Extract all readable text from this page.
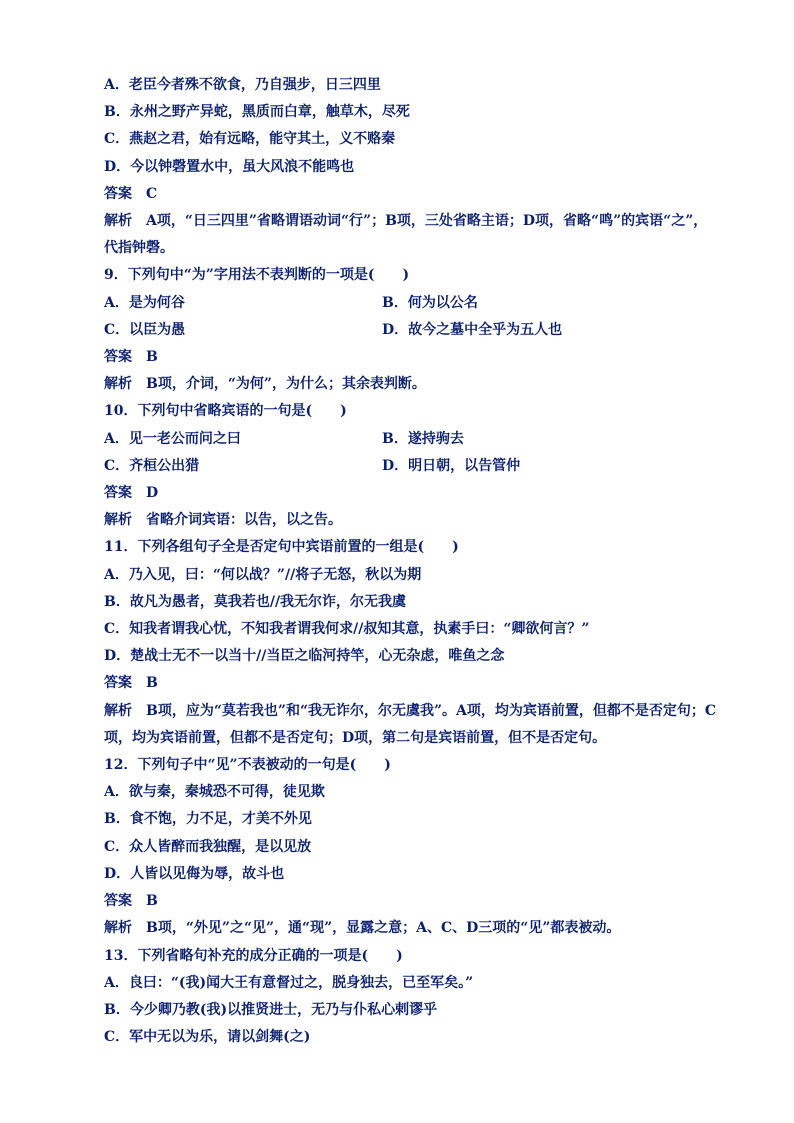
A．老臣今者殊不欲食，乃自强步，日三四里
B．永州之野产异蛇，黑质而白章，触草木，尽死
C．燕赵之君，始有远略，能守其土，义不赂秦
D．今以钟磬置水中，虽大风浪不能鸣也
答案　C
解析　A项，“日三四里”省略谓语动词“行”；B项，三处省略主语；D项，省略“鸣”的宾语“之”，
代指钟磬。
9．下列句中“为”字用法不表判断的一项是(　　)
A．是为何谷	B．何为以公名
C．以臣为愚	D．故今之墓中全乎为五人也
答案　B
解析　B项，介词，“为何”，为什么；其余表判断。
10．下列句中省略宾语的一句是(　　)
A．见一老公而问之曰	B．遂持驹去
C．齐桓公出猎	D．明日朝，以告管仲
答案　D
解析　省略介词宾语：以告，以之告。
11．下列各组句子全是否定句中宾语前置的一组是(　　)
A．乃入见，曰：“何以战？”//将子无怒，秋以为期
B．故凡为愚者，莫我若也//我无尔诈，尔无我虞
C．知我者谓我心忧，不知我者谓我何求//叔知其意，执素手曰：“卿欲何言？”
D．楚战士无不一以当十//当臣之临河持竿，心无杂虑，唯鱼之念
答案　B
解析　B项，应为“莫若我也”和“我无诈尔，尔无虞我”。A项，均为宾语前置，但都不是否定句；C
项，均为宾语前置，但都不是否定句；D项，第二句是宾语前置，但不是否定句。
12．下列句子中“见”不表被动的一句是(　　)
A．欲与秦，秦城恐不可得，徒见欺
B．食不饱，力不足，才美不外见
C．众人皆醉而我独醒，是以见放
D．人皆以见侮为辱，故斗也
答案　B
解析　B项，“外见”之“见”，通“现”，显露之意；A、C、D三项的“见”都表被动。
13．下列省略句补充的成分正确的一项是(　　)
A．良曰：“(我)闻大王有意督过之，脱身独去，已至军矣。”
B．今少卿乃教(我)以推贤进士，无乃与仆私心剌谬乎
C．军中无以为乐，请以剑舞(之)
